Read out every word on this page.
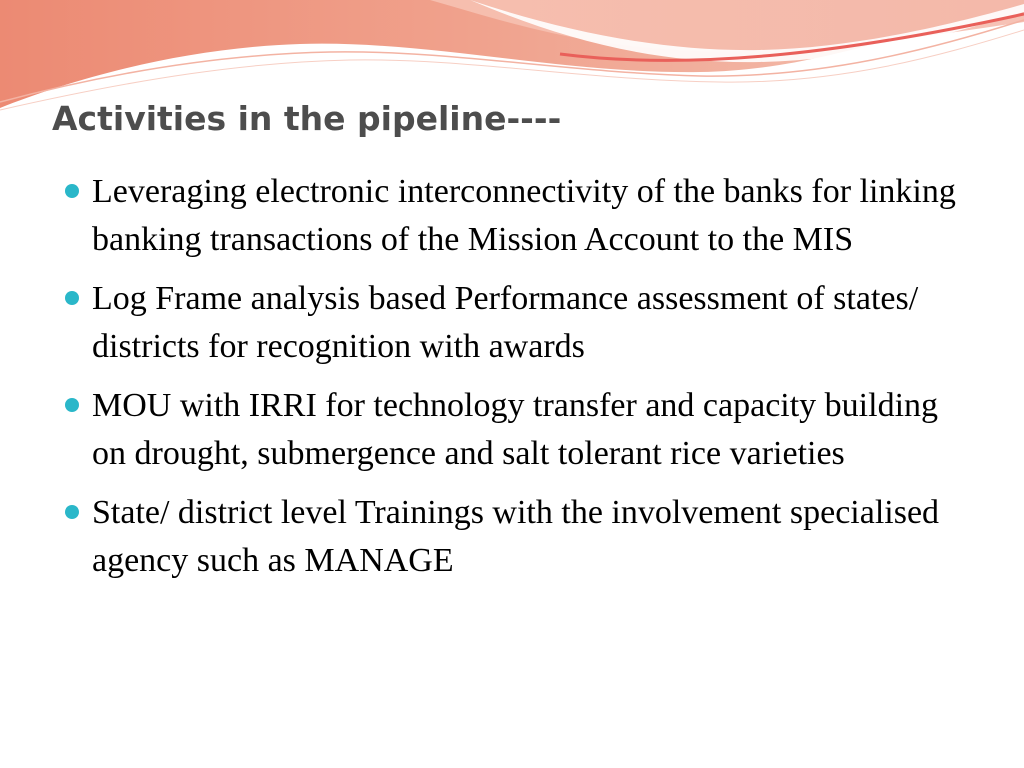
Activities in the pipeline----
Leveraging electronic interconnectivity of the banks for linking banking transactions of the Mission Account to the MIS
Log Frame analysis based Performance assessment of states/ districts for recognition with awards
MOU with IRRI for technology transfer and capacity building on drought, submergence and salt tolerant rice varieties
State/ district level Trainings with the involvement specialised agency such as MANAGE
